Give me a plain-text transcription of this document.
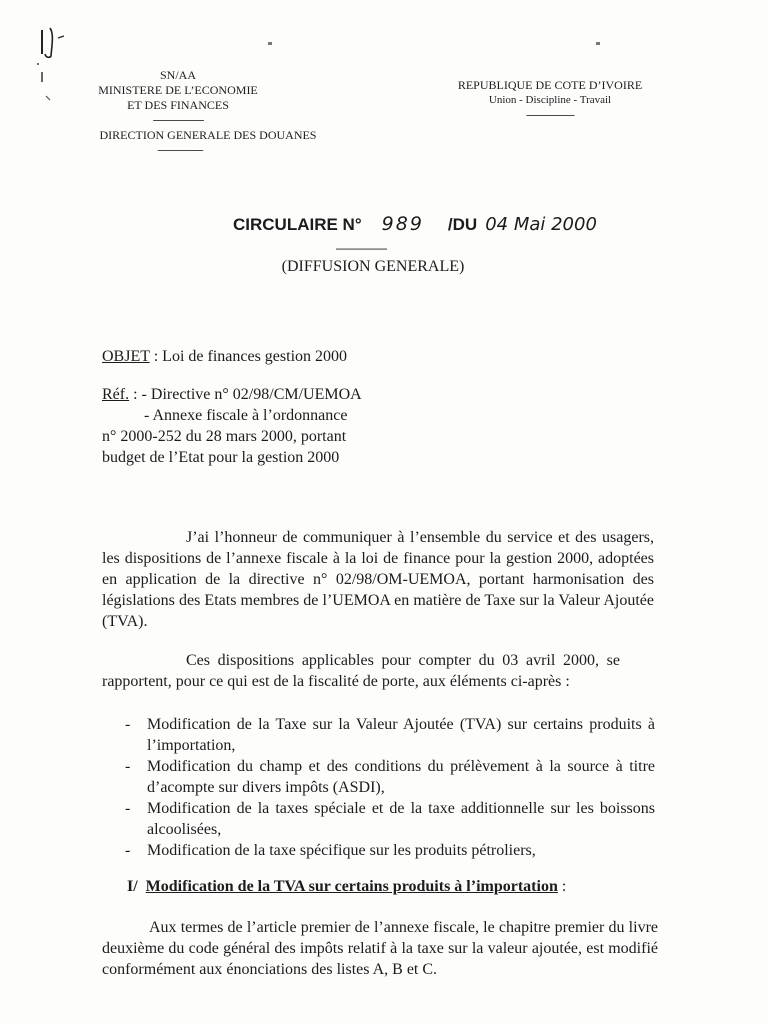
SN/AA
MINISTERE DE L’ECONOMIE
ET DES FINANCES
-------------------
DIRECTION GENERALE DES DOUANES
-----------------
REPUBLIQUE DE COTE D’IVOIRE
Union - Discipline - Travail
------------------
CIRCULAIRE N° 989 /DU 04 Mai 2000
-----------------
(DIFFUSION GENERALE)
OBJET : Loi de finances gestion 2000
Réf. : - Directive n° 02/98/CM/UEMOA
- Annexe fiscale à l’ordonnance
n° 2000-252 du 28 mars 2000, portant
budget de l’Etat pour la gestion 2000
J’ai l’honneur de communiquer à l’ensemble du service et des usagers, les dispositions de l’annexe fiscale à la loi de finance pour la gestion 2000, adoptées en application de la directive n° 02/98/OM-UEMOA, portant harmonisation des législations des Etats membres de l’UEMOA en matière de Taxe sur la Valeur Ajoutée (TVA).
Ces dispositions applicables pour compter du 03 avril 2000, se rapportent, pour ce qui est de la fiscalité de porte, aux éléments ci-après :
- Modification de la Taxe sur la Valeur Ajoutée (TVA) sur certains produits à l’importation,
- Modification du champ et des conditions du prélèvement à la source à titre d’acompte sur divers impôts (ASDI),
- Modification de la taxes spéciale et de la taxe additionnelle sur les boissons alcoolisées,
- Modification de la taxe spécifique sur les produits pétroliers,
I/ Modification de la TVA sur certains produits à l’importation :
Aux termes de l’article premier de l’annexe fiscale, le chapitre premier du livre deuxième du code général des impôts relatif à la taxe sur la valeur ajoutée, est modifié conformément aux énonciations des listes A, B et C.
